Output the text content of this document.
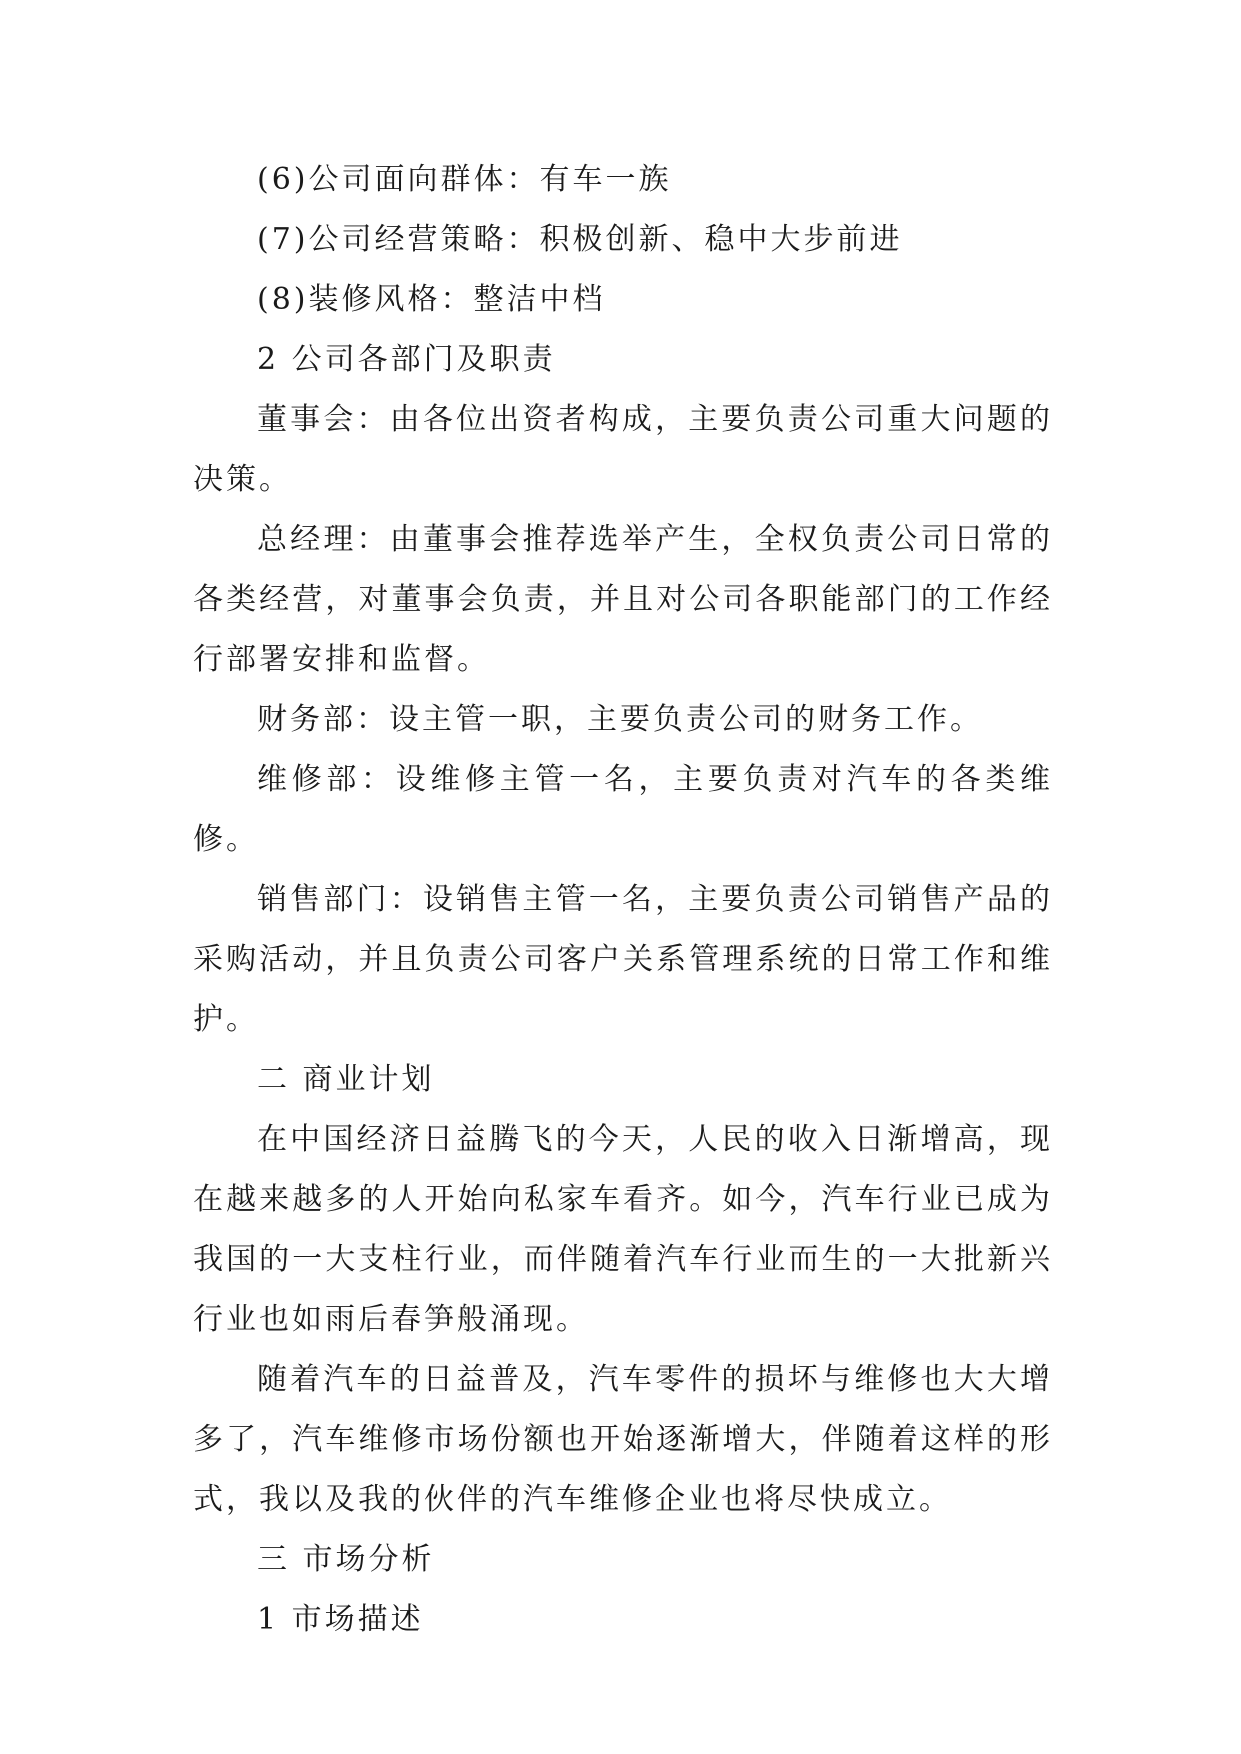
(6)公司面向群体：有车一族

(7)公司经营策略：积极创新、稳中大步前进

(8)装修风格：整洁中档

2 公司各部门及职责

董事会：由各位出资者构成，主要负责公司重大问题的决策。

总经理：由董事会推荐选举产生，全权负责公司日常的各类经营，对董事会负责，并且对公司各职能部门的工作经行部署安排和监督。

财务部：设主管一职，主要负责公司的财务工作。

维修部：设维修主管一名，主要负责对汽车的各类维修。

销售部门：设销售主管一名，主要负责公司销售产品的采购活动，并且负责公司客户关系管理系统的日常工作和维护。

二 商业计划

在中国经济日益腾飞的今天，人民的收入日渐增高，现在越来越多的人开始向私家车看齐。如今，汽车行业已成为我国的一大支柱行业，而伴随着汽车行业而生的一大批新兴行业也如雨后春笋般涌现。

随着汽车的日益普及，汽车零件的损坏与维修也大大增多了，汽车维修市场份额也开始逐渐增大，伴随着这样的形式，我以及我的伙伴的汽车维修企业也将尽快成立。

三 市场分析

1 市场描述
